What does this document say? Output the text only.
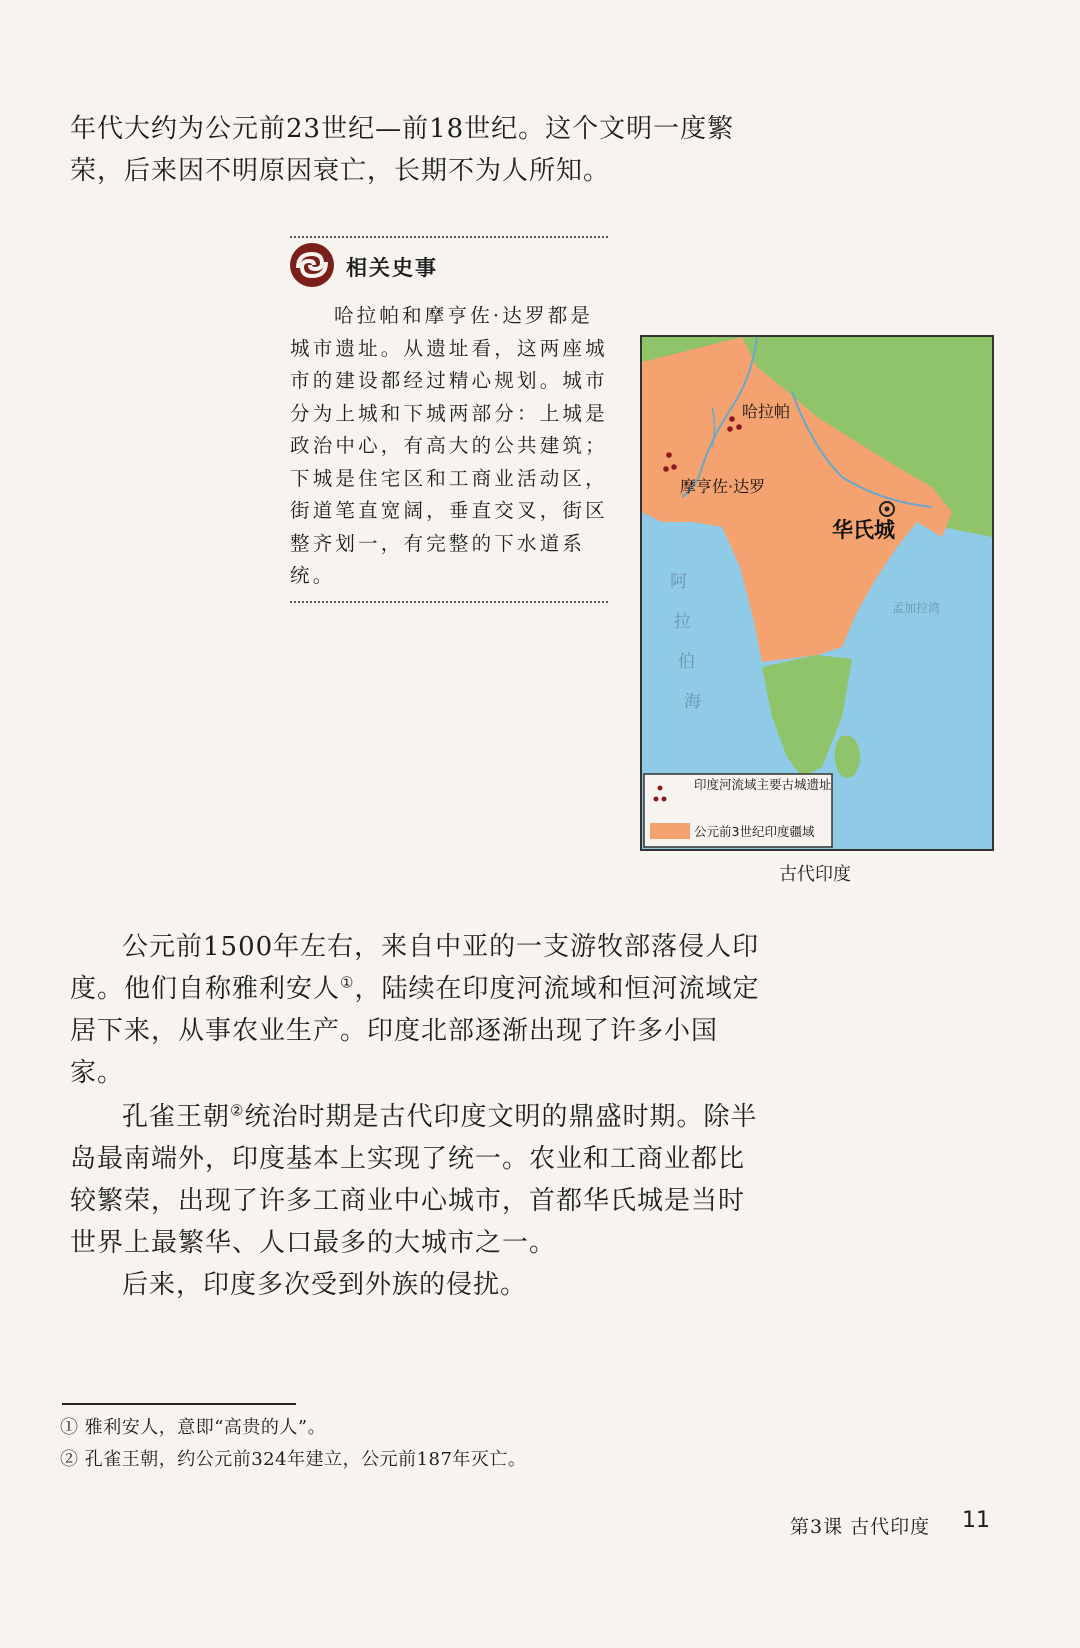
年代大约为公元前23世纪—前18世纪。这个文明一度繁荣，后来因不明原因衰亡，长期不为人所知。

相关史事

哈拉帕和摩亨佐·达罗都是城市遗址。从遗址看，这两座城市的建设都经过精心规划。城市分为上城和下城两部分：上城是政治中心，有高大的公共建筑；下城是住宅区和工商业活动区，街道笔直宽阔，垂直交叉，街区整齐划一，有完整的下水道系统。

哈拉帕
摩亨佐·达罗
华氏城
阿
拉
伯
海
孟加拉湾
印度河流域主要古城遗址
公元前3世纪印度疆域
古代印度

公元前1500年左右，来自中亚的一支游牧部落侵人印度。他们自称雅利安人①，陆续在印度河流域和恒河流域定居下来，从事农业生产。印度北部逐渐出现了许多小国家。

孔雀王朝②统治时期是古代印度文明的鼎盛时期。除半岛最南端外，印度基本上实现了统一。农业和工商业都比较繁荣，出现了许多工商业中心城市，首都华氏城是当时世界上最繁华、人口最多的大城市之一。

后来，印度多次受到外族的侵扰。

① 雅利安人，意即“高贵的人”。

② 孔雀王朝，约公元前324年建立，公元前187年灭亡。

第3课 古代印度 11
